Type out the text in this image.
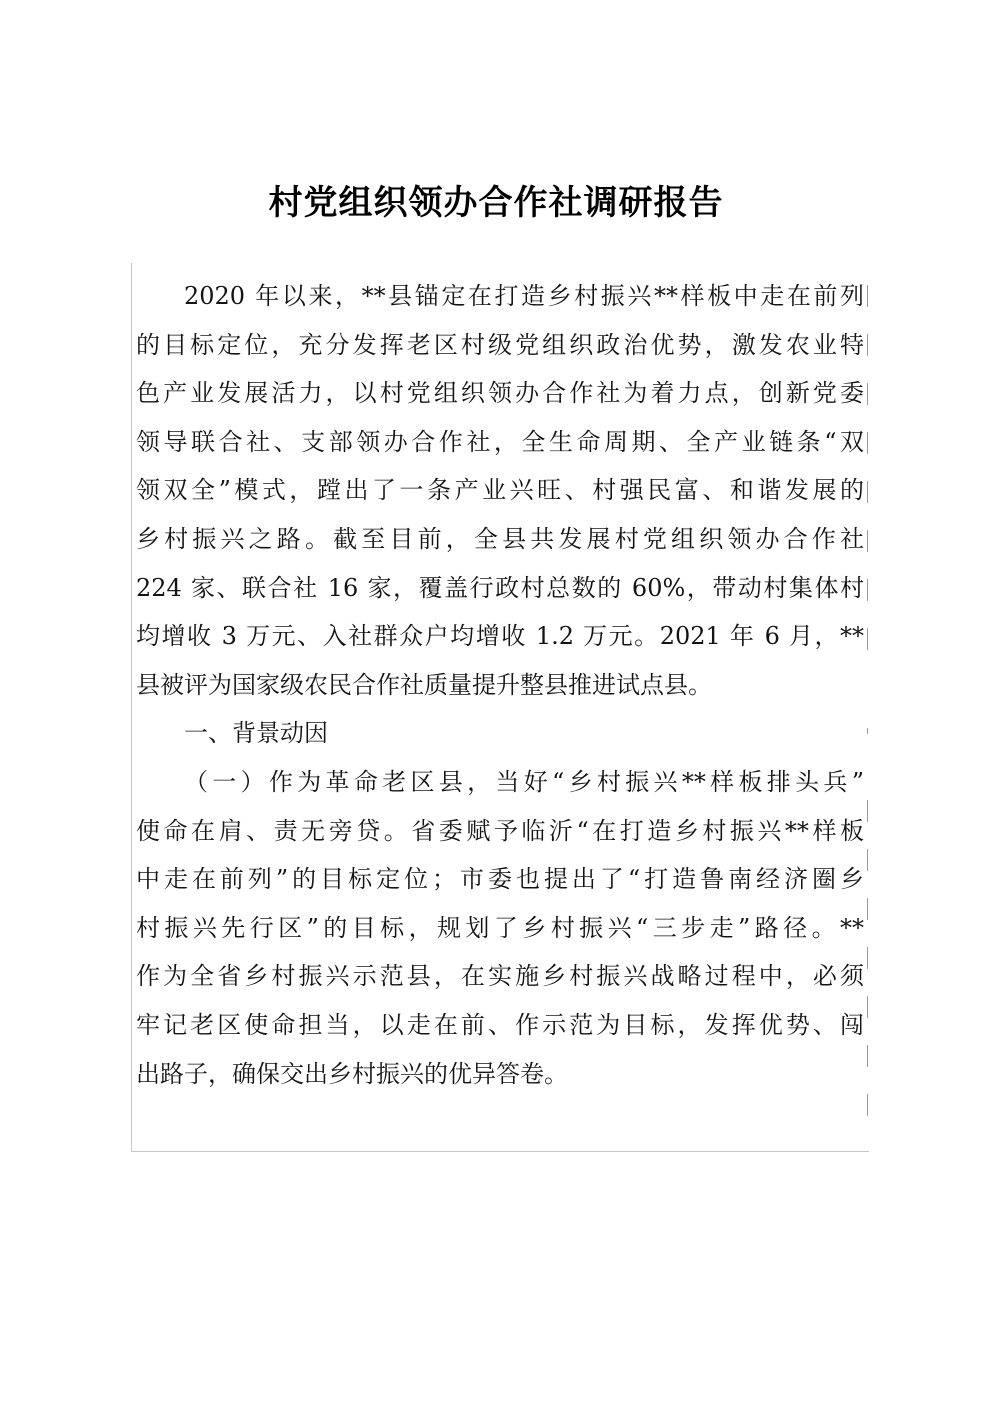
村党组织领办合作社调研报告
2020 年以来，**县锚定在打造乡村振兴**样板中走在前列
的目标定位，充分发挥老区村级党组织政治优势，激发农业特
色产业发展活力，以村党组织领办合作社为着力点，创新党委
领导联合社、支部领办合作社，全生命周期、全产业链条“双
领双全”模式，蹚出了一条产业兴旺、村强民富、和谐发展的
乡村振兴之路。截至目前，全县共发展村党组织领办合作社
224 家、联合社 16 家，覆盖行政村总数的 60%，带动村集体村
均增收 3 万元、入社群众户均增收 1.2 万元。2021 年 6 月，**
县被评为国家级农民合作社质量提升整县推进试点县。
一、背景动因
（一）作为革命老区县，当好“乡村振兴**样板排头兵”
使命在肩、责无旁贷。省委赋予临沂“在打造乡村振兴**样板
中走在前列”的目标定位；市委也提出了“打造鲁南经济圈乡
村振兴先行区”的目标，规划了乡村振兴“三步走”路径。**
作为全省乡村振兴示范县，在实施乡村振兴战略过程中，必须
牢记老区使命担当，以走在前、作示范为目标，发挥优势、闯
出路子，确保交出乡村振兴的优异答卷。
